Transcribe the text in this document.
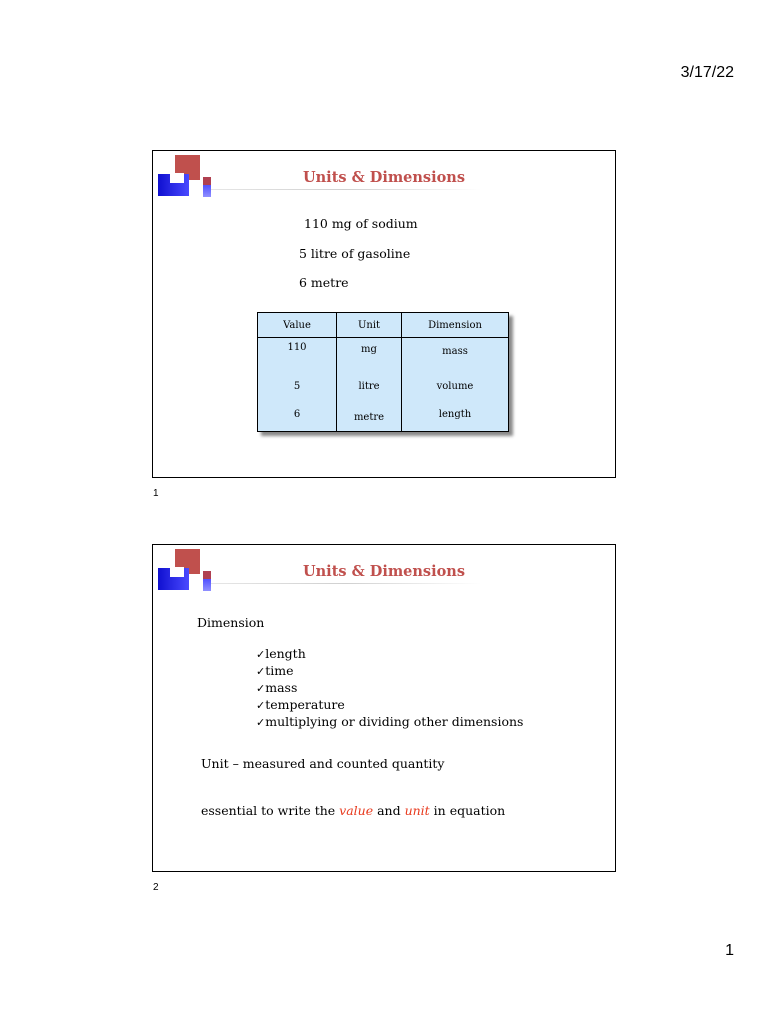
3/17/22
Units & Dimensions
110 mg of sodium
5 litre of gasoline
6 metre
Value	Unit	Dimension
110	mg	mass
5	litre	volume
6	metre	length
1
Units & Dimensions
Dimension
✓length
✓time
✓mass
✓temperature
✓multiplying or dividing other dimensions
Unit – measured and counted quantity
essential to write the value and unit in equation
2
1
